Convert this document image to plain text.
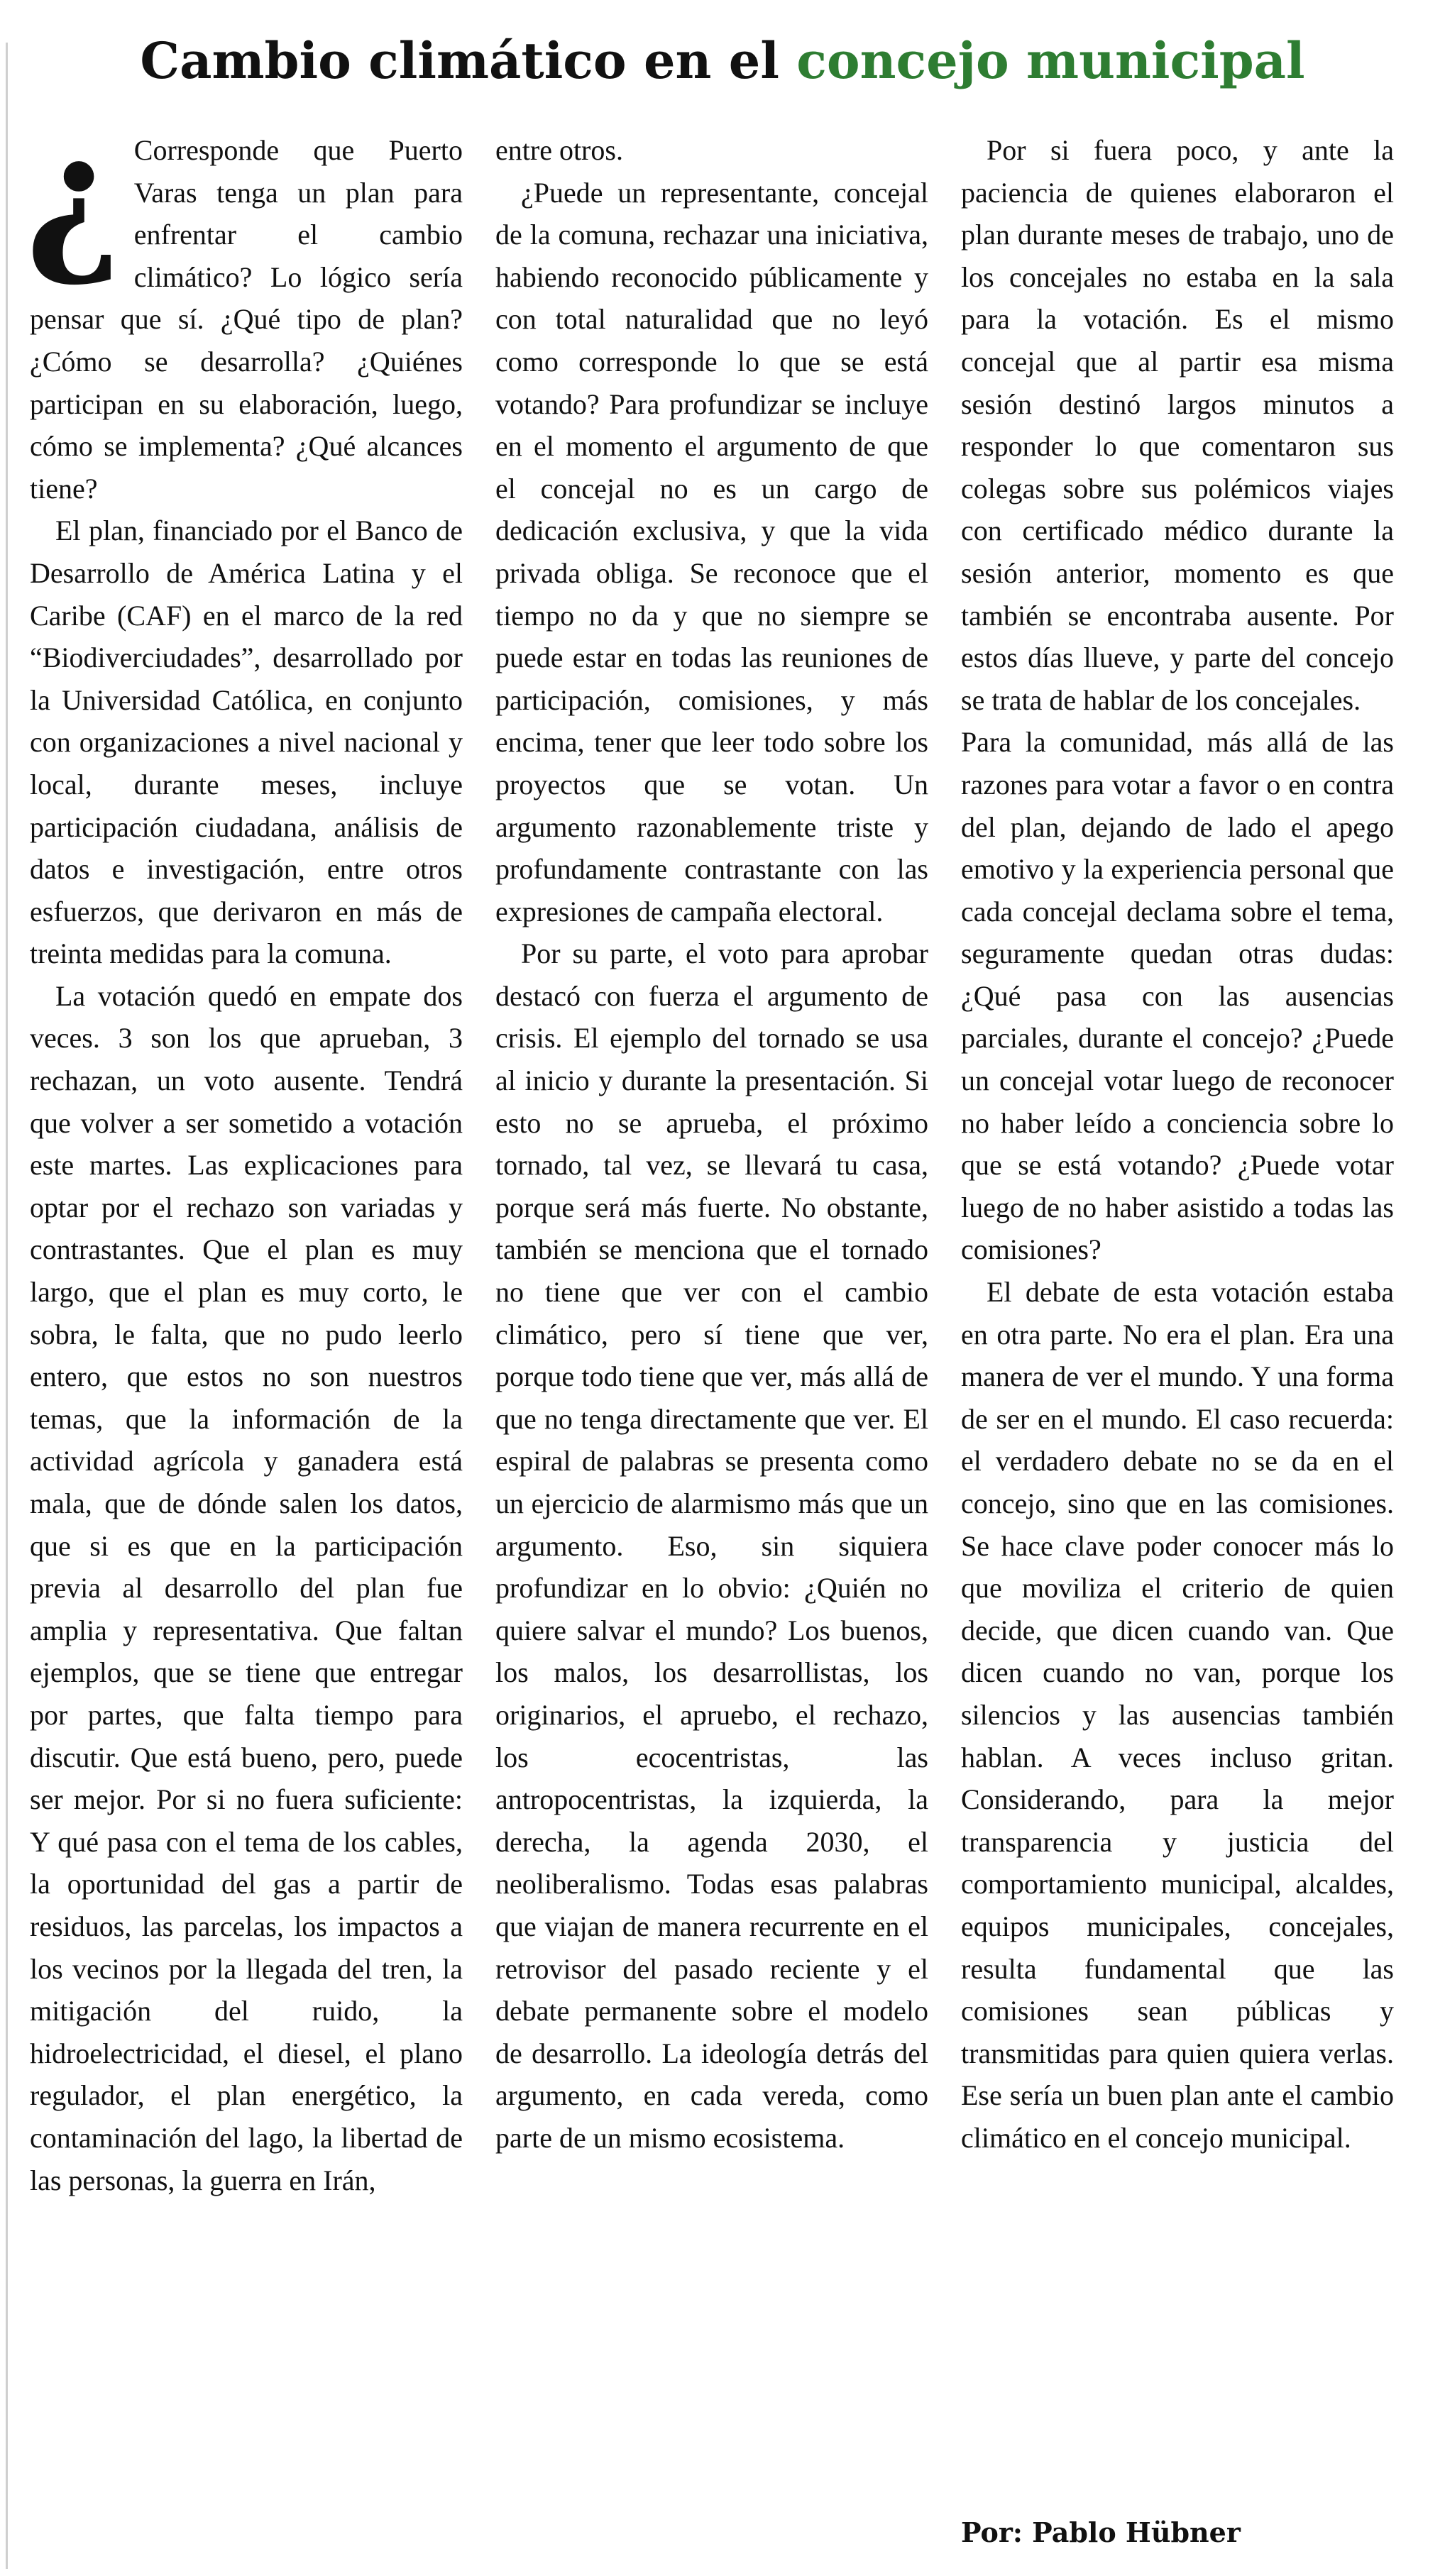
Cambio climático en el concejo municipal
¿ Corresponde que Puerto Varas tenga un plan para enfrentar el cambio climático? Lo lógico sería pensar que sí. ¿Qué tipo de plan? ¿Cómo se desarrolla? ¿Quiénes participan en su elaboración, luego, cómo se implementa? ¿Qué alcances tiene?

El plan, financiado por el Banco de Desarrollo de América Latina y el Caribe (CAF) en el marco de la red “Biodiverciudades”, desarrollado por la Universidad Católica, en conjunto con organizaciones a nivel nacional y local, durante meses, incluye participación ciudadana, análisis de datos e investigación, entre otros esfuerzos, que derivaron en más de treinta medidas para la comuna.

La votación quedó en empate dos veces. 3 son los que aprueban, 3 rechazan, un voto ausente. Tendrá que volver a ser sometido a votación este martes. Las explicaciones para optar por el rechazo son variadas y contrastantes. Que el plan es muy largo, que el plan es muy corto, le sobra, le falta, que no pudo leerlo entero, que estos no son nuestros temas, que la información de la actividad agrícola y ganadera está mala, que de dónde salen los datos, que si es que en la participación previa al desarrollo del plan fue amplia y representativa. Que faltan ejemplos, que se tiene que entregar por partes, que falta tiempo para discutir. Que está bueno, pero, puede ser mejor. Por si no fuera suficiente: Y qué pasa con el tema de los cables, la oportunidad del gas a partir de residuos, las parcelas, los impactos a los vecinos por la llegada del tren, la mitigación del ruido, la hidroelectricidad, el diesel, el plano regulador, el plan energético, la contaminación del lago, la libertad de las personas, la guerra en Irán,

entre otros.

¿Puede un representante, concejal de la comuna, rechazar una iniciativa, habiendo reconocido públicamente y con total naturalidad que no leyó como corresponde lo que se está votando? Para profundizar se incluye en el momento el argumento de que el concejal no es un cargo de dedicación exclusiva, y que la vida privada obliga. Se reconoce que el tiempo no da y que no siempre se puede estar en todas las reuniones de participación, comisiones, y más encima, tener que leer todo sobre los proyectos que se votan. Un argumento razonablemente triste y profundamente contrastante con las expresiones de campaña electoral.

Por su parte, el voto para aprobar destacó con fuerza el argumento de crisis. El ejemplo del tornado se usa al inicio y durante la presentación. Si esto no se aprueba, el próximo tornado, tal vez, se llevará tu casa, porque será más fuerte. No obstante, también se menciona que el tornado no tiene que ver con el cambio climático, pero sí tiene que ver, porque todo tiene que ver, más allá de que no tenga directamente que ver. El espiral de palabras se presenta como un ejercicio de alarmismo más que un argumento. Eso, sin siquiera profundizar en lo obvio: ¿Quién no quiere salvar el mundo? Los buenos, los malos, los desarrollistas, los originarios, el apruebo, el rechazo, los ecocentristas, las antropocentristas, la izquierda, la derecha, la agenda 2030, el neoliberalismo. Todas esas palabras que viajan de manera recurrente en el retrovisor del pasado reciente y el debate permanente sobre el modelo de desarrollo. La ideología detrás del argumento, en cada vereda, como parte de un mismo ecosistema.

Por si fuera poco, y ante la paciencia de quienes elaboraron el plan durante meses de trabajo, uno de los concejales no estaba en la sala para la votación. Es el mismo concejal que al partir esa misma sesión destinó largos minutos a responder lo que comentaron sus colegas sobre sus polémicos viajes con certificado médico durante la sesión anterior, momento es que también se encontraba ausente. Por estos días llueve, y parte del concejo se trata de hablar de los concejales.

Para la comunidad, más allá de las razones para votar a favor o en contra del plan, dejando de lado el apego emotivo y la experiencia personal que cada concejal declama sobre el tema, seguramente quedan otras dudas: ¿Qué pasa con las ausencias parciales, durante el concejo? ¿Puede un concejal votar luego de reconocer no haber leído a conciencia sobre lo que se está votando? ¿Puede votar luego de no haber asistido a todas las comisiones?

El debate de esta votación estaba en otra parte. No era el plan. Era una manera de ver el mundo. Y una forma de ser en el mundo. El caso recuerda: el verdadero debate no se da en el concejo, sino que en las comisiones. Se hace clave poder conocer más lo que moviliza el criterio de quien decide, que dicen cuando van. Que dicen cuando no van, porque los silencios y las ausencias también hablan. A veces incluso gritan. Considerando, para la mejor transparencia y justicia del comportamiento municipal, alcaldes, equipos municipales, concejales, resulta fundamental que las comisiones sean públicas y transmitidas para quien quiera verlas. Ese sería un buen plan ante el cambio climático en el concejo municipal.

Por: Pablo Hübner
